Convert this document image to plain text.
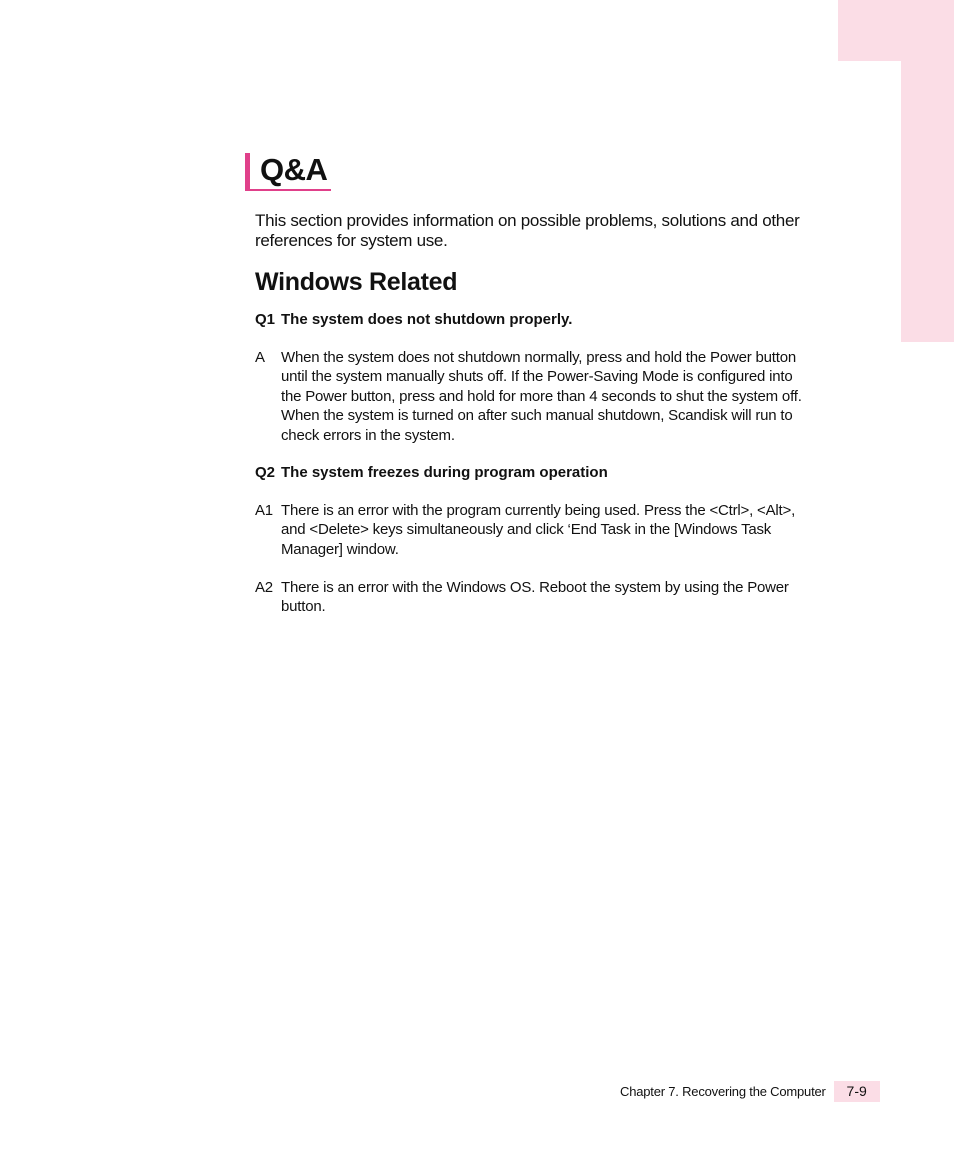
Q&A
This section provides information on possible problems, solutions and other references for system use.
Windows Related
Q1 The system does not shutdown properly.
A	When the system does not shutdown normally, press and hold the Power button until the system manually shuts off. If the Power-Saving Mode is configured into the Power button, press and hold for more than 4 seconds to shut the system off. When the system is turned on after such manual shutdown, Scandisk will run to check errors in the system.
Q2 The system freezes during program operation
A1 There is an error with the program currently being used. Press the <Ctrl>, <Alt>, and <Delete> keys simultaneously and click ‘End Task in the [Windows Task Manager] window.
A2 There is an error with the Windows OS. Reboot the system by using the Power button.
Chapter 7. Recovering the Computer	7-9
